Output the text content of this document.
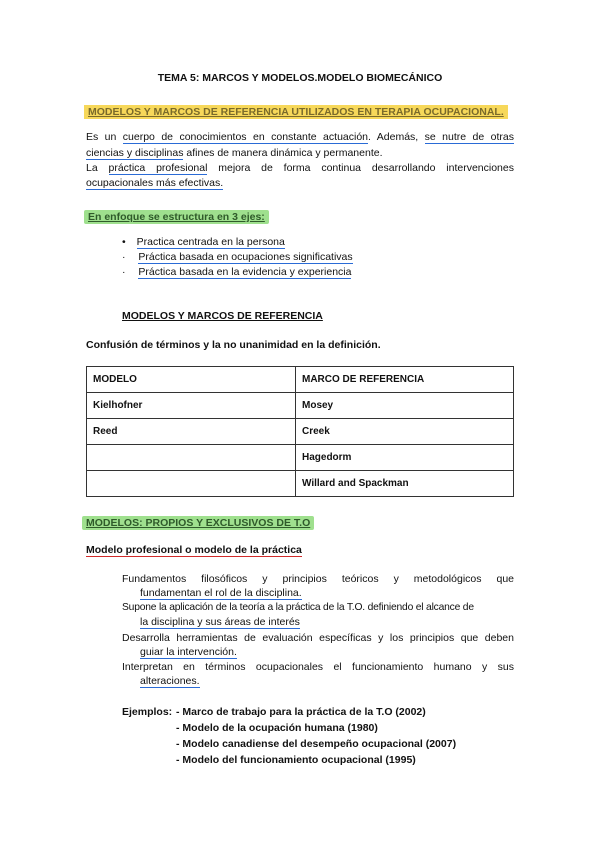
TEMA 5: MARCOS Y MODELOS.MODELO BIOMECÁNICO
MODELOS Y MARCOS DE REFERENCIA UTILIZADOS EN TERAPIA OCUPACIONAL.
Es un cuerpo de conocimientos en constante actuación. Además, se nutre de otras
ciencias y disciplinas afines de manera dinámica y permanente.
La práctica profesional mejora de forma continua desarrollando intervenciones
ocupacionales más efectivas.
En enfoque se estructura en 3 ejes:
• Practica centrada en la persona
· Práctica basada en ocupaciones significativas
· Práctica basada en la evidencia y experiencia
MODELOS Y MARCOS DE REFERENCIA
Confusión de términos y la no unanimidad en la definición.
MODELO	MARCO DE REFERENCIA
Kielhofner	Mosey
Reed	Creek
	Hagedorm
	Willard and Spackman
MODELOS: PROPIOS Y EXCLUSIVOS DE T.O
Modelo profesional o modelo de la práctica
Fundamentos filosóficos y principios teóricos y metodológicos que
fundamentan el rol de la disciplina.
Supone la aplicación de la teoría a la práctica de la T.O. definiendo el alcance de
la disciplina y sus áreas de interés
Desarrolla herramientas de evaluación específicas y los principios que deben
guiar la intervención.
Interpretan en términos ocupacionales el funcionamiento humano y sus
alteraciones.
Ejemplos: - Marco de trabajo para la práctica de la T.O (2002)
- Modelo de la ocupación humana (1980)
- Modelo canadiense del desempeño ocupacional (2007)
- Modelo del funcionamiento ocupacional (1995)
